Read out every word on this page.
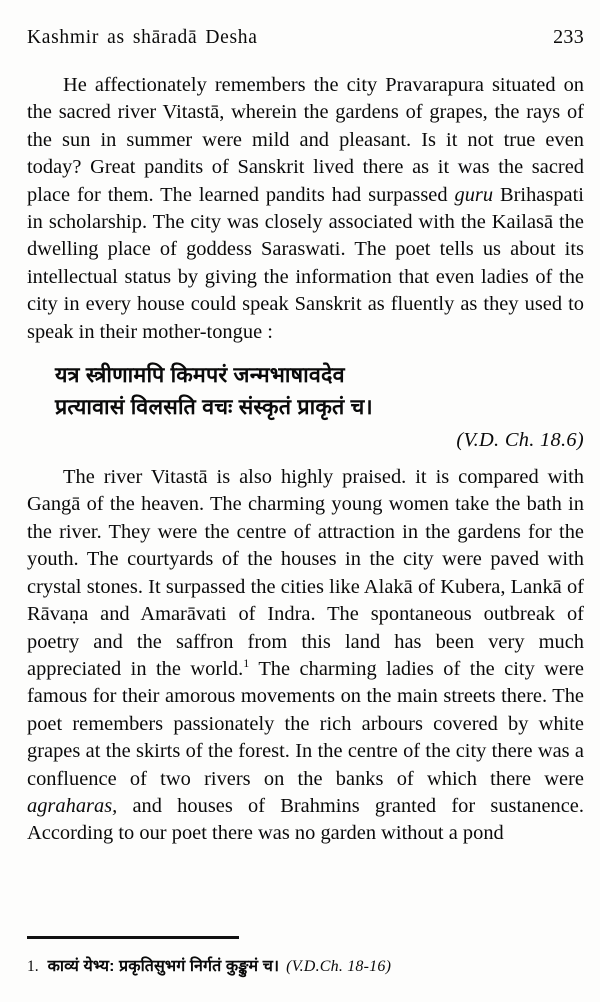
Kashmir as shāradā Desha	233

He affectionately remembers the city Pravarapura situated on the sacred river Vitastā, wherein the gardens of grapes, the rays of the sun in summer were mild and pleasant. Is it not true even today? Great pandits of Sanskrit lived there as it was the sacred place for them. The learned pandits had surpassed guru Brihaspati in scholarship. The city was closely associated with the Kailasā the dwelling place of goddess Saraswati. The poet tells us about its intellectual status by giving the information that even ladies of the city in every house could speak Sanskrit as fluently as they used to speak in their mother-tongue :

यत्र स्त्रीणामपि किमपरं जन्मभाषावदेव
प्रत्यावासं विलसति वचः संस्कृतं प्राकृतं च।

(V.D. Ch. 18.6)

The river Vitastā is also highly praised. it is compared with Gangā of the heaven. The charming young women take the bath in the river. They were the centre of attraction in the gardens for the youth. The courtyards of the houses in the city were paved with crystal stones. It surpassed the cities like Alakā of Kubera, Lankā of Rāvaṇa and Amarāvati of Indra. The spontaneous outbreak of poetry and the saffron from this land has been very much appreciated in the world.$^1$ The charming ladies of the city were famous for their amorous movements on the main streets there. The poet remembers passionately the rich arbours covered by white grapes at the skirts of the forest. In the centre of the city there was a confluence of two rivers on the banks of which there were agraharas, and houses of Brahmins granted for sustanence. According to our poet there was no garden without a pond

1. काव्यं येभ्य: प्रकृतिसुभगं निर्गतं कुङ्कुमं च। (V.D.Ch. 18-16)
